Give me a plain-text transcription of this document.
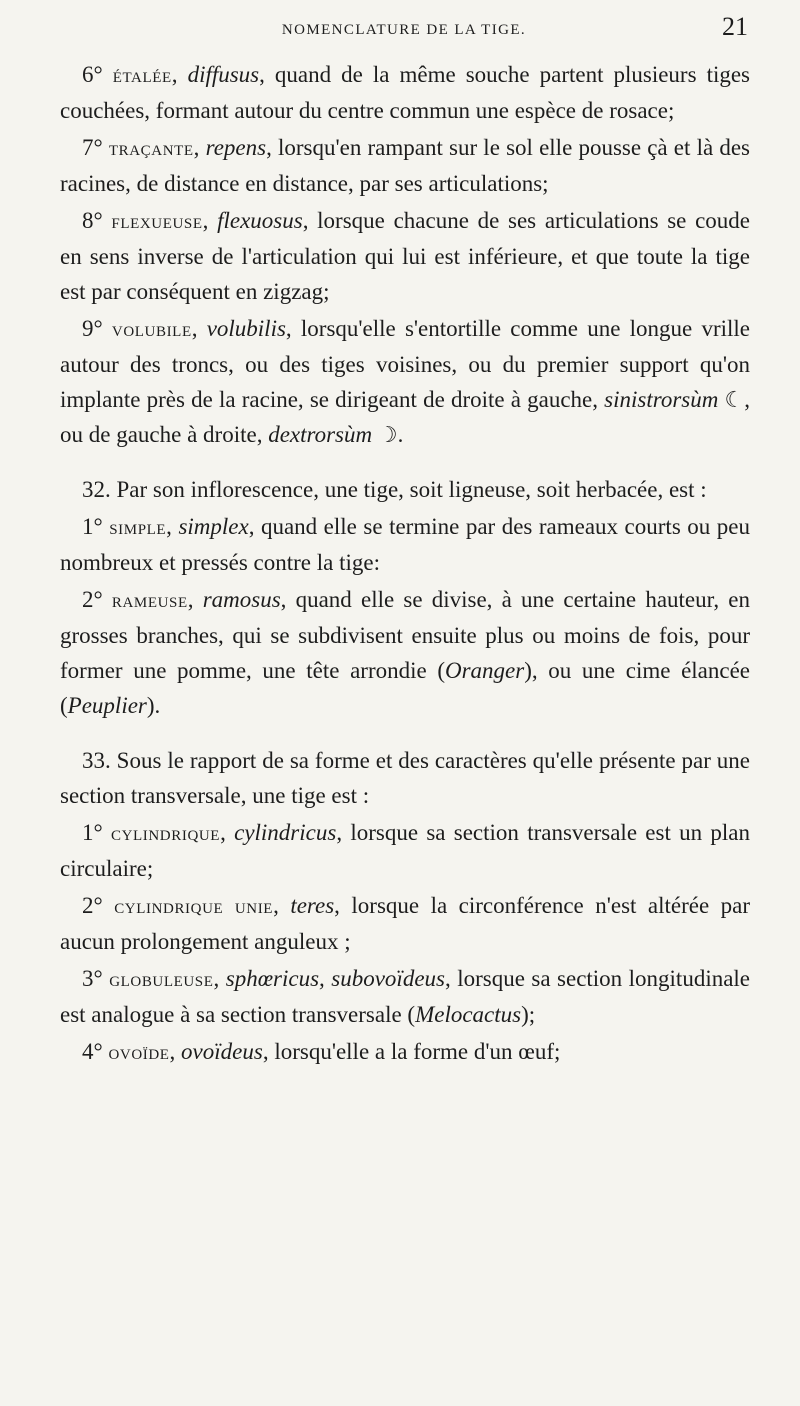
NOMENCLATURE DE LA TIGE.	21

6° étalée, diffusus, quand de la même souche partent plusieurs tiges couchées, formant autour du centre commun une espèce de rosace;

7° traçante, repens, lorsqu'en rampant sur le sol elle pousse çà et là des racines, de distance en distance, par ses articulations;

8° flexueuse, flexuosus, lorsque chacune de ses articulations se coude en sens inverse de l'articulation qui lui est inférieure, et que toute la tige est par conséquent en zigzag;

9° volubile, volubilis, lorsqu'elle s'entortille comme une longue vrille autour des troncs, ou des tiges voisines, ou du premier support qu'on implante près de la racine, se dirigeant de droite à gauche, sinistrorsùm ☾, ou de gauche à droite, dextrorsùm ☽.

32. Par son inflorescence, une tige, soit ligneuse, soit herbacée, est :

1° simple, simplex, quand elle se termine par des rameaux courts ou peu nombreux et pressés contre la tige:

2° rameuse, ramosus, quand elle se divise, à une certaine hauteur, en grosses branches, qui se subdivisent ensuite plus ou moins de fois, pour former une pomme, une tête arrondie (Oranger), ou une cime élancée (Peuplier).

33. Sous le rapport de sa forme et des caractères qu'elle présente par une section transversale, une tige est :

1° cylindrique, cylindricus, lorsque sa section transversale est un plan circulaire;

2° cylindrique unie, teres, lorsque la circonférence n'est altérée par aucun prolongement anguleux ;

3° globuleuse, sphœricus, subovoïdeus, lorsque sa section longitudinale est analogue à sa section transversale (Melocactus);

4° ovoïde, ovoïdeus, lorsqu'elle a la forme d'un œuf;
